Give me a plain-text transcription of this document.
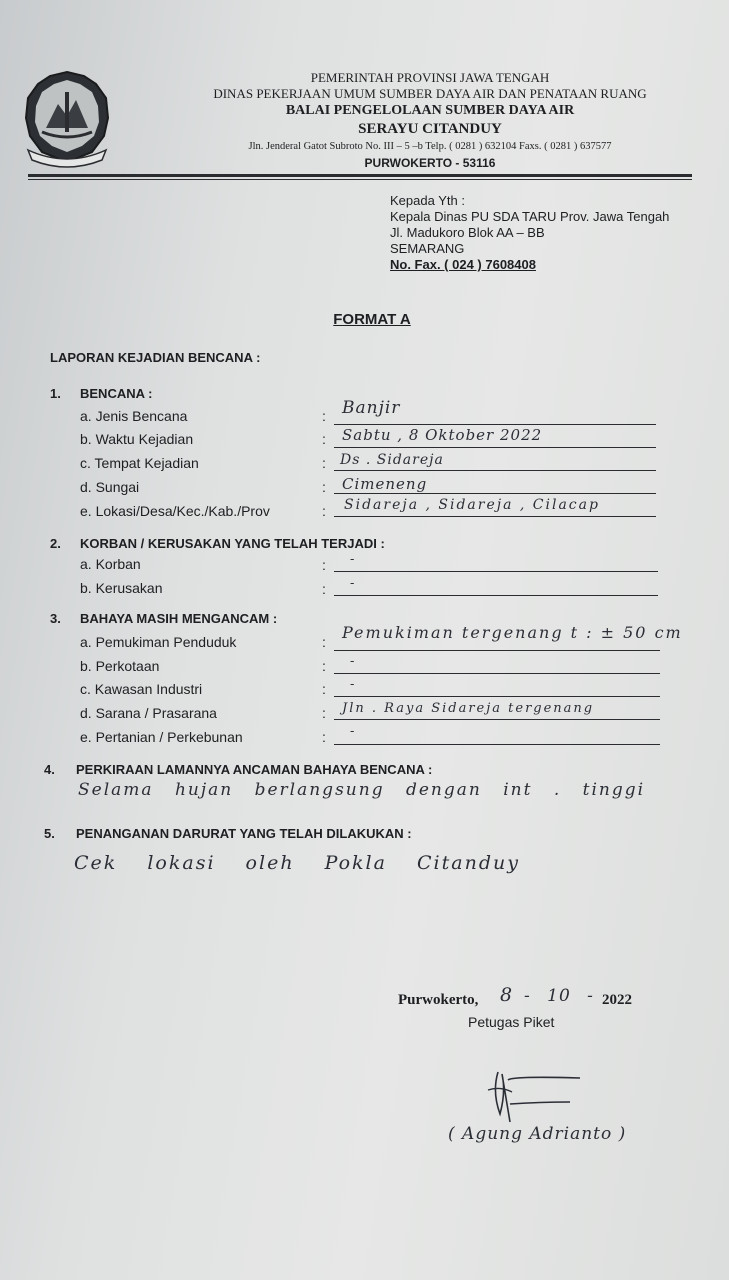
PEMERINTAH PROVINSI JAWA TENGAH
DINAS PEKERJAAN UMUM SUMBER DAYA AIR DAN PENATAAN RUANG
BALAI PENGELOLAAN SUMBER DAYA AIR
SERAYU CITANDUY
Jln. Jenderal Gatot Subroto No. III – 5 –b Telp. ( 0281 ) 632104 Faxs. ( 0281 ) 637577
PURWOKERTO - 53116
Kepada Yth :
Kepala Dinas PU SDA TARU Prov. Jawa Tengah
Jl. Madukoro Blok AA – BB
SEMARANG
No. Fax. ( 024 ) 7608408
FORMAT A
LAPORAN KEJADIAN BENCANA :
1. BENCANA :
a. Jenis Bencana	: Banjir
b. Waktu Kejadian	: Sabtu , 8 Oktober 2022
c. Tempat Kejadian	: Ds . Sidareja
d. Sungai	: Cimeneng
e. Lokasi/Desa/Kec./Kab./Prov	: Sidareja , Sidareja , Cilacap
2. KORBAN / KERUSAKAN YANG TELAH TERJADI :
a. Korban	: -
b. Kerusakan	: -
3. BAHAYA MASIH MENGANCAM :
a. Pemukiman Penduduk	: Pemukiman tergenang t : ± 50 cm
b. Perkotaan	: -
c. Kawasan Industri	: -
d. Sarana / Prasarana	: Jln . Raya Sidareja tergenang
e. Pertanian / Perkebunan	: -
4. PERKIRAAN LAMANNYA ANCAMAN BAHAYA BENCANA :
Selama hujan berlangsung dengan int . tinggi
5. PENANGANAN DARURAT YANG TELAH DILAKUKAN :
Cek lokasi oleh Pokla Citanduy
Purwokerto, 8 - 10 - 2022
Petugas Piket
( Agung Adrianto )
